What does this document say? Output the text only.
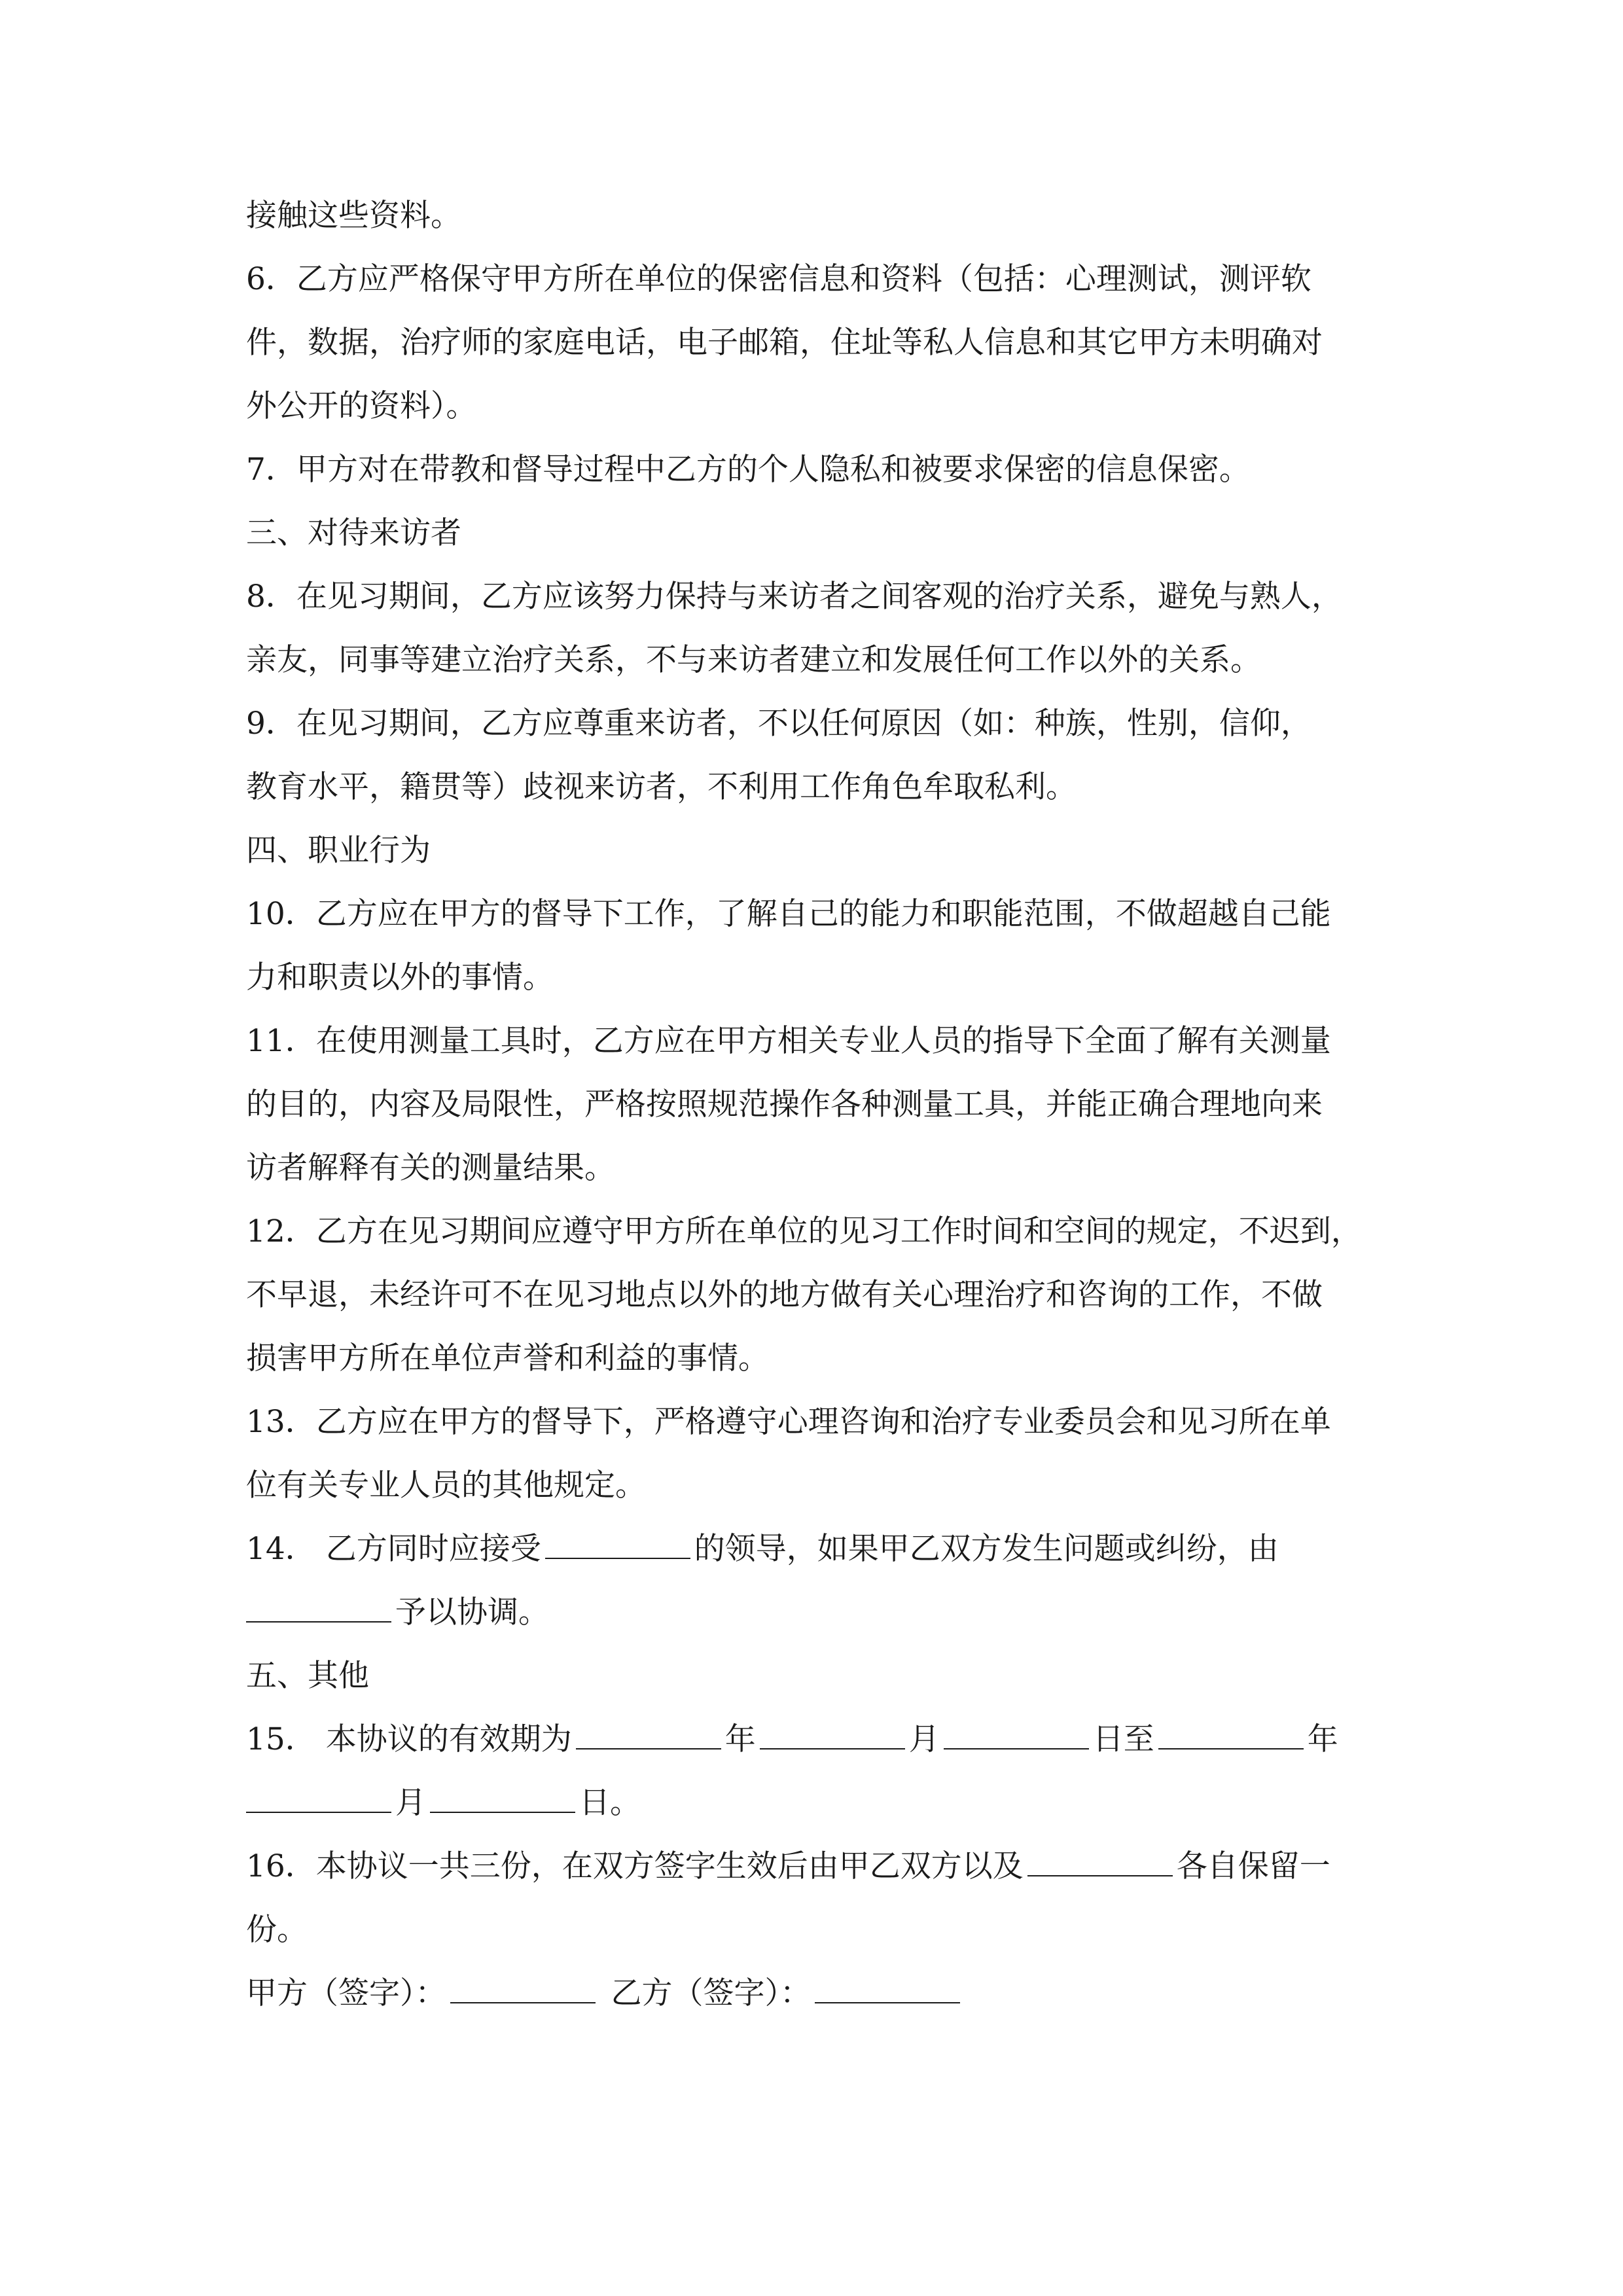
接触这些资料。
6．乙方应严格保守甲方所在单位的保密信息和资料（包括：心理测试，测评软
件，数据，治疗师的家庭电话，电子邮箱，住址等私人信息和其它甲方未明确对
外公开的资料）。
7．甲方对在带教和督导过程中乙方的个人隐私和被要求保密的信息保密。
三、对待来访者
8．在见习期间，乙方应该努力保持与来访者之间客观的治疗关系，避免与熟人，
亲友，同事等建立治疗关系，不与来访者建立和发展任何工作以外的关系。
9．在见习期间，乙方应尊重来访者，不以任何原因（如：种族，性别，信仰，
教育水平，籍贯等）歧视来访者，不利用工作角色牟取私利。
四、职业行为
10．乙方应在甲方的督导下工作，了解自己的能力和职能范围，不做超越自己能
力和职责以外的事情。
11．在使用测量工具时，乙方应在甲方相关专业人员的指导下全面了解有关测量
的目的，内容及局限性，严格按照规范操作各种测量工具，并能正确合理地向来
访者解释有关的测量结果。
12．乙方在见习期间应遵守甲方所在单位的见习工作时间和空间的规定，不迟到，
不早退，未经许可不在见习地点以外的地方做有关心理治疗和咨询的工作，不做
损害甲方所在单位声誉和利益的事情。
13．乙方应在甲方的督导下，严格遵守心理咨询和治疗专业委员会和见习所在单
位有关专业人员的其他规定。
14． 乙方同时应接受	的领导，如果甲乙双方发生问题或纠纷，由
予以协调。
五、其他
15． 本协议的有效期为	年	月	日至	年
月	日。
16．本协议一共三份，在双方签字生效后由甲乙双方以及	各自保留一
份。
甲方（签字）：	乙方（签字）：
